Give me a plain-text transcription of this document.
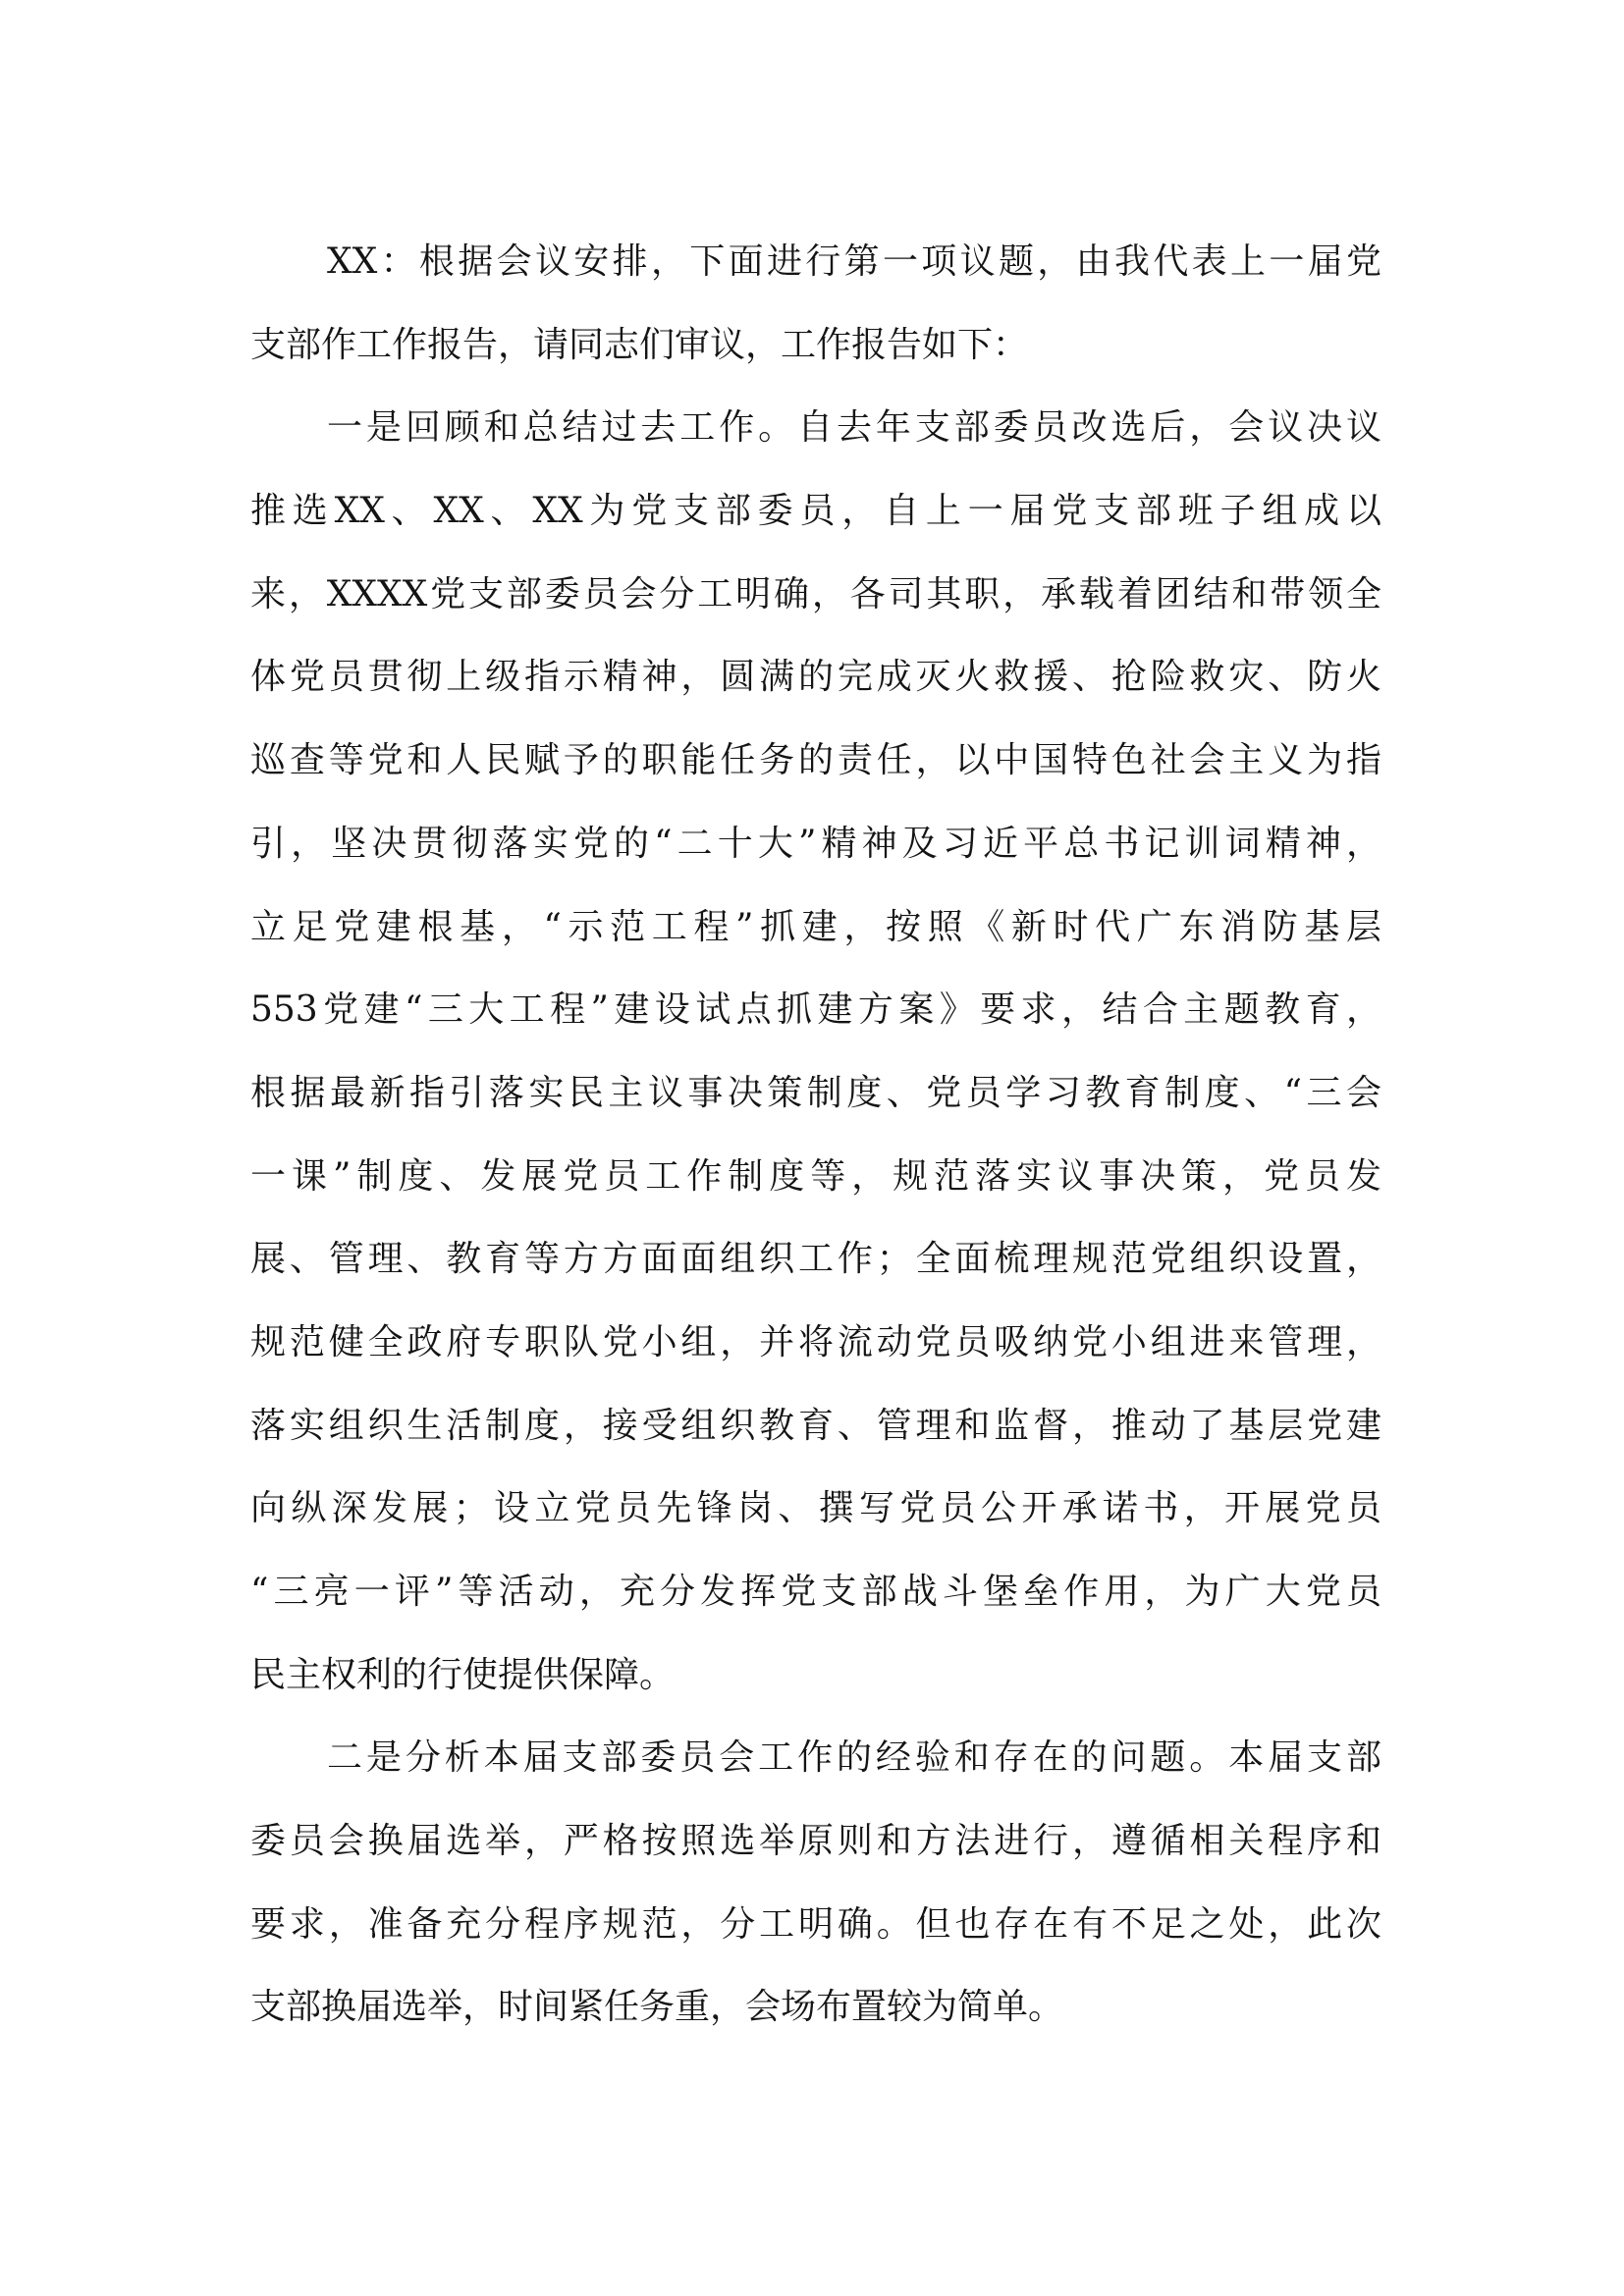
XX：根据会议安排，下面进行第一项议题，由我代表上一届党
支部作工作报告，请同志们审议，工作报告如下：
一是回顾和总结过去工作。自去年支部委员改选后，会议决议
推选XX、XX、XX为党支部委员，自上一届党支部班子组成以
来，XXXX党支部委员会分工明确，各司其职，承载着团结和带领全
体党员贯彻上级指示精神，圆满的完成灭火救援、抢险救灾、防火
巡查等党和人民赋予的职能任务的责任，以中国特色社会主义为指
引，坚决贯彻落实党的“二十大”精神及习近平总书记训词精神，
立足党建根基，“示范工程”抓建，按照《新时代广东消防基层
553党建“三大工程”建设试点抓建方案》要求，结合主题教育，
根据最新指引落实民主议事决策制度、党员学习教育制度、“三会
一课”制度、发展党员工作制度等，规范落实议事决策，党员发
展、管理、教育等方方面面组织工作；全面梳理规范党组织设置，
规范健全政府专职队党小组，并将流动党员吸纳党小组进来管理，
落实组织生活制度，接受组织教育、管理和监督，推动了基层党建
向纵深发展；设立党员先锋岗、撰写党员公开承诺书，开展党员
“三亮一评”等活动，充分发挥党支部战斗堡垒作用，为广大党员
民主权利的行使提供保障。
二是分析本届支部委员会工作的经验和存在的问题。本届支部
委员会换届选举，严格按照选举原则和方法进行，遵循相关程序和
要求，准备充分程序规范，分工明确。但也存在有不足之处，此次
支部换届选举，时间紧任务重，会场布置较为简单。
